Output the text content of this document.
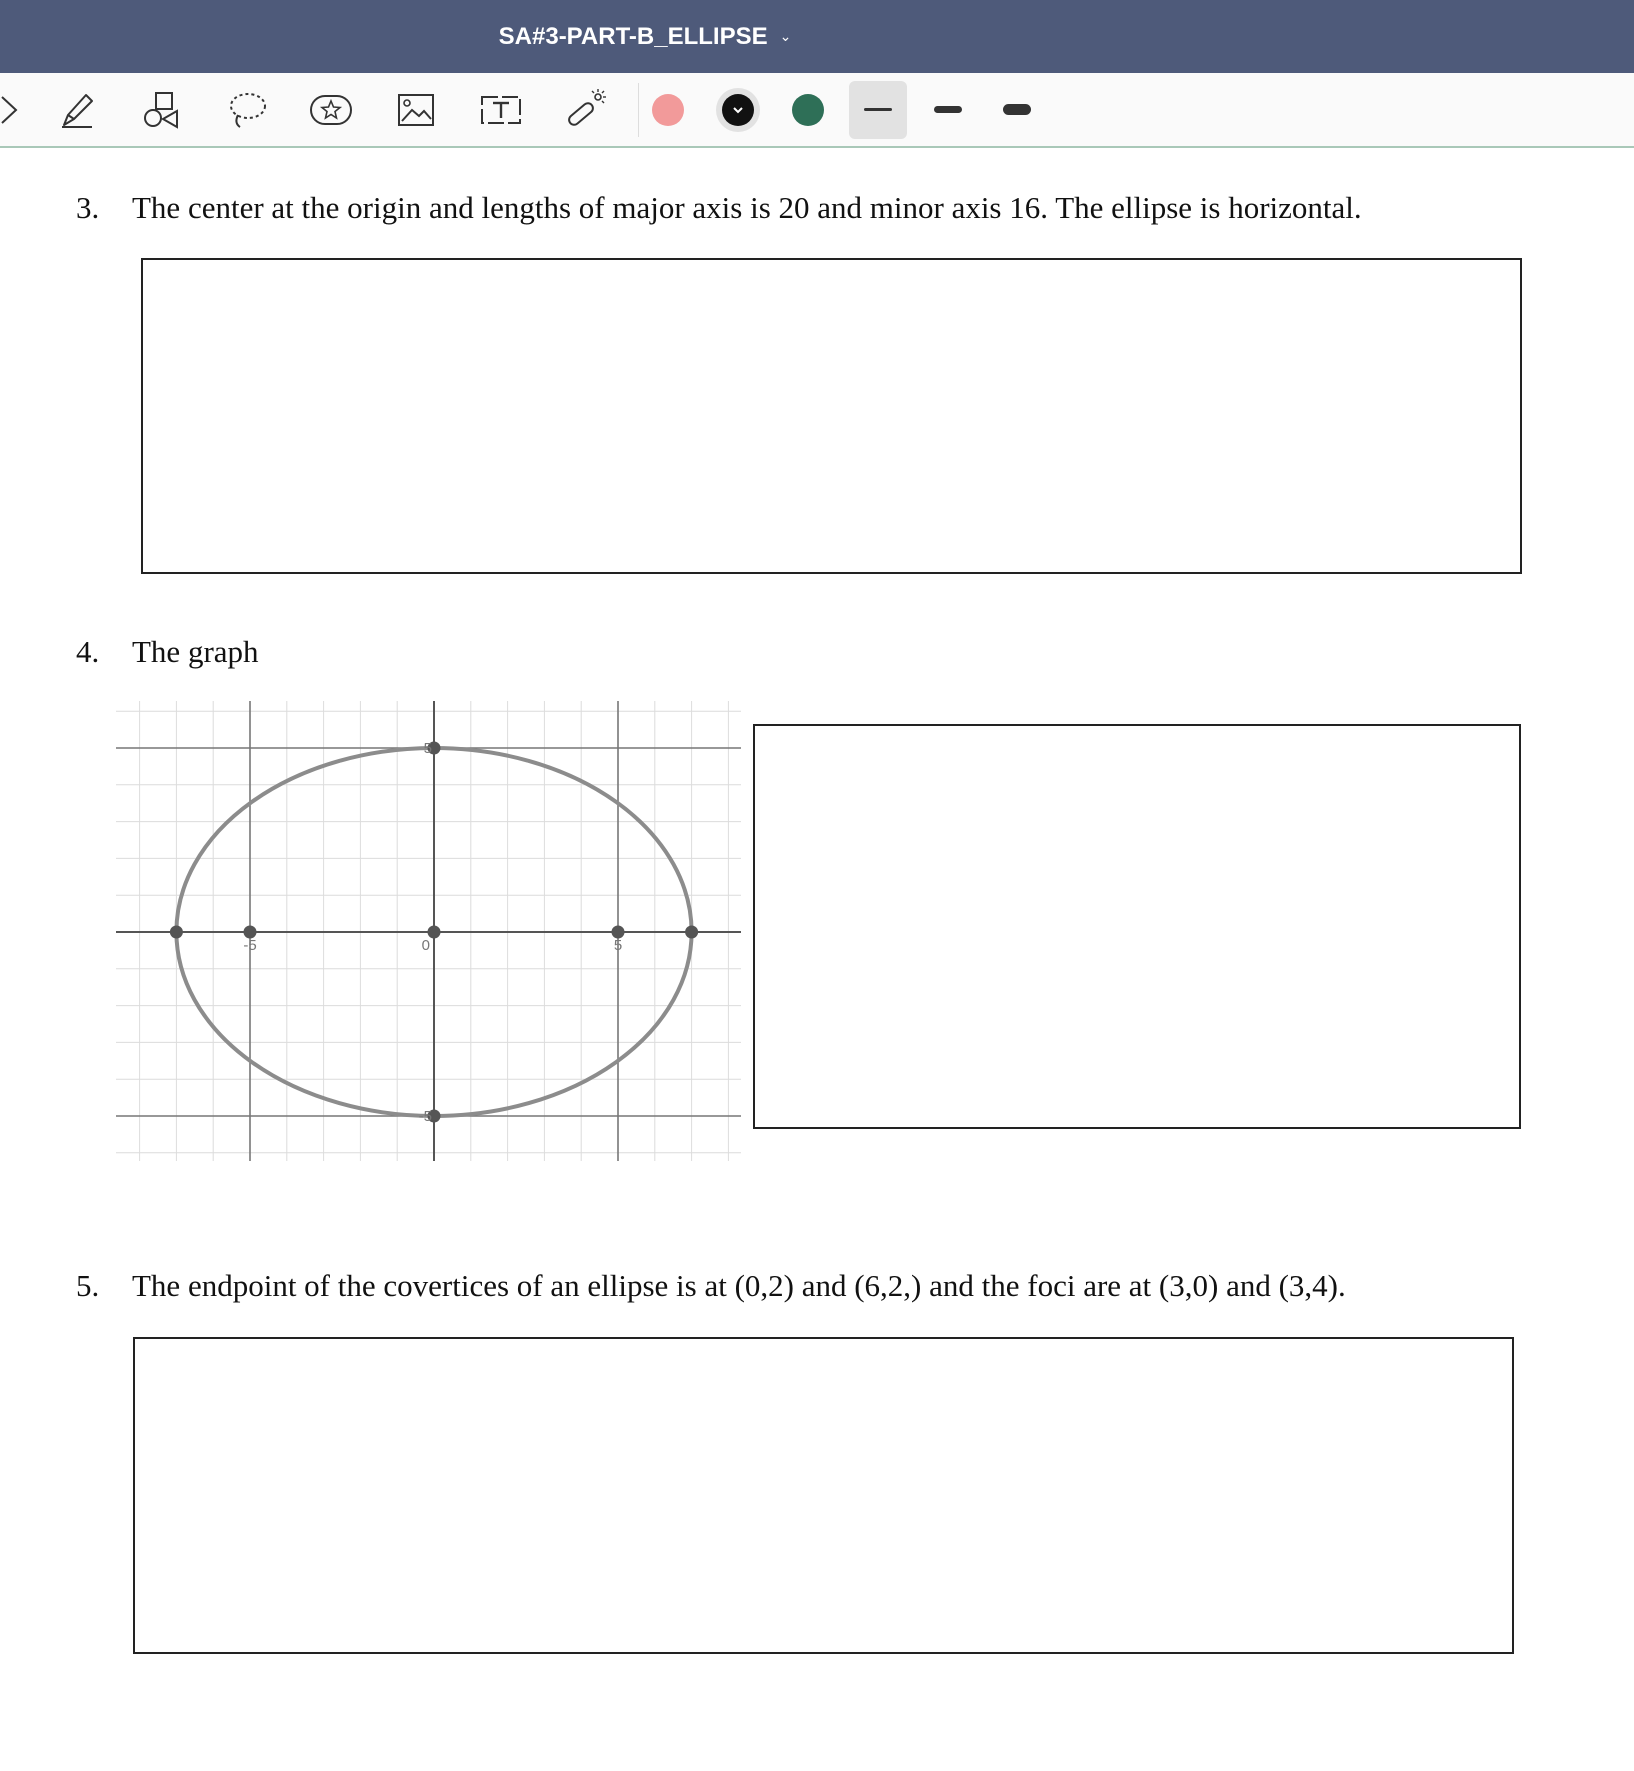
SA#3-PART-B_ELLIPSE ⌄
3. The center at the origin and lengths of major axis is 20 and minor axis 16. The ellipse is horizontal.
4. The graph
-5	0	5
5
-5
5. The endpoint of the covertices of an ellipse is at (0,2) and (6,2,) and the foci are at (3,0) and (3,4).
